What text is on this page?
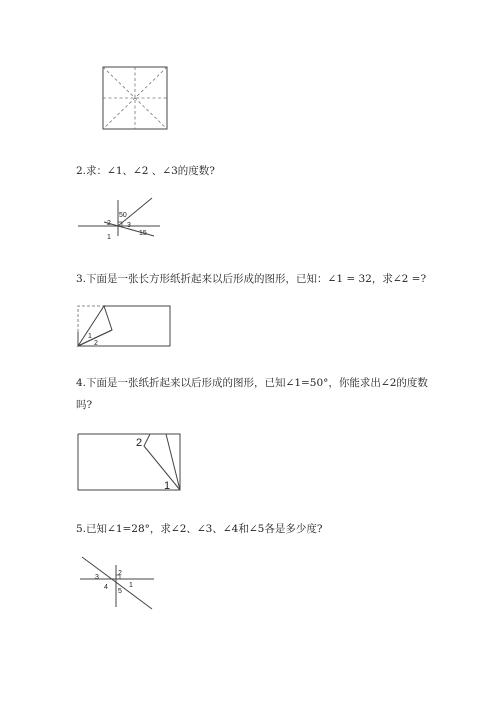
2.求：∠1、∠2 、∠3的度数?

50
2 3
15
1

3.下面是一张长方形纸折起来以后形成的图形，已知：∠1 = 32，求∠2 =?

1
2

4.下面是一张纸折起来以后形成的图形，已知∠1=50°，你能求出∠2的度数

吗?

2
1

5.已知∠1=28°，求∠2、∠3、∠4和∠5各是多少度?

3
2
4
5
1
